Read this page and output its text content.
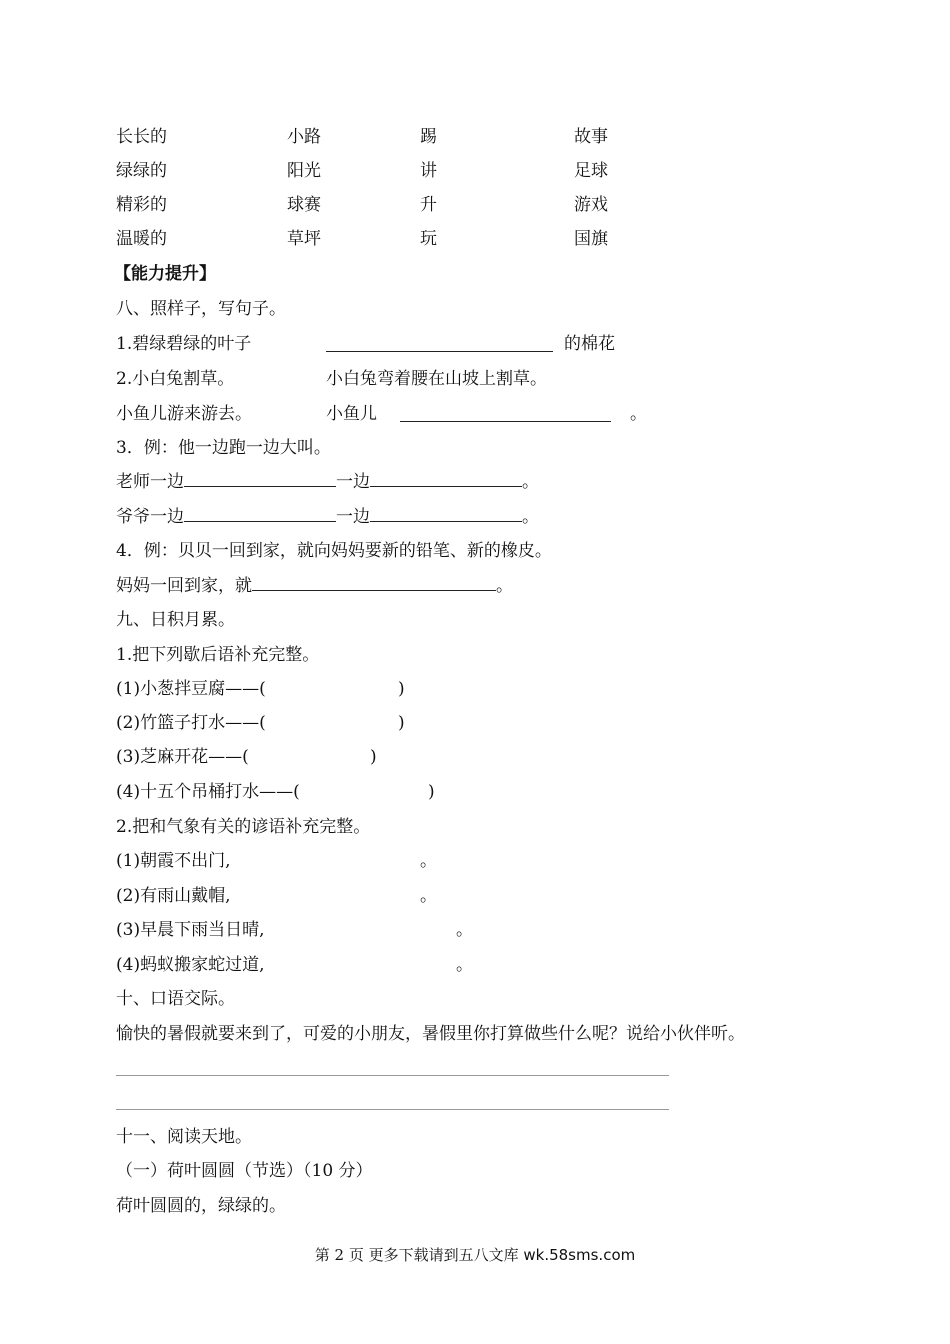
长长的	小路	踢	故事
绿绿的	阳光	讲	足球
精彩的	球赛	升	游戏
温暖的	草坪	玩	国旗
【能力提升】
八、照样子，写句子。
1.碧绿碧绿的叶子	的棉花
2.小白兔割草。	小白兔弯着腰在山坡上割草。
小鱼儿游来游去。	小鱼儿	。
3．例：他一边跑一边大叫。
老师一边	一边	。
爷爷一边	一边	。
4．例：贝贝一回到家，就向妈妈要新的铅笔、新的橡皮。
妈妈一回到家，就	。
九、日积月累。
1.把下列歇后语补充完整。
(1)小葱拌豆腐——(	)
(2)竹篮子打水——(	)
(3)芝麻开花——(	)
(4)十五个吊桶打水——(	)
2.把和气象有关的谚语补充完整。
(1)朝霞不出门,	。
(2)有雨山戴帽,	。
(3)早晨下雨当日晴,	。
(4)蚂蚁搬家蛇过道,	。
十、口语交际。
愉快的暑假就要来到了，可爱的小朋友，暑假里你打算做些什么呢？说给小伙伴听。
十一、阅读天地。
（一）荷叶圆圆（节选）（10 分）
荷叶圆圆的，绿绿的。
第 2 页 更多下载请到五八文库 wk.58sms.com
